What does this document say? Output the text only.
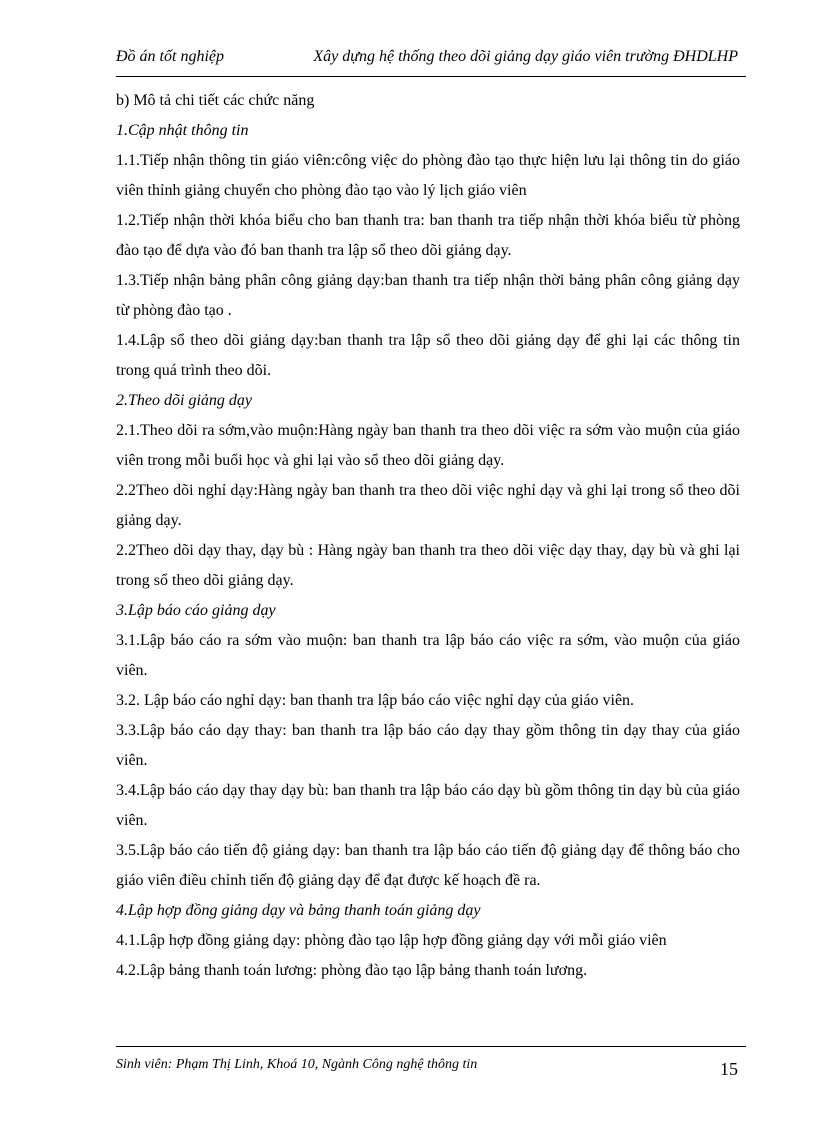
Đồ án tốt nghiệp	Xây dựng hệ thống theo dõi giảng dạy giáo viên trường ĐHDLHP

b) Mô tả chi tiết các chức năng

1.Cập nhật thông tin

1.1.Tiếp nhận thông tin giáo viên:công việc do phòng đào tạo thực hiện lưu lại thông tin do giáo viên thỉnh giảng chuyển cho phòng đào tạo vào lý lịch giáo viên

1.2.Tiếp nhận thời khóa biểu cho ban thanh tra: ban thanh tra tiếp nhận thời khóa biểu từ phòng đào tạo để dựa vào đó ban thanh tra lập sổ theo dõi giảng dạy.

1.3.Tiếp nhận bảng phân công giảng dạy:ban thanh tra tiếp nhận thời bảng phân công giảng dạy từ phòng đào tạo .

1.4.Lập sổ theo dõi giảng dạy:ban thanh tra lập sổ theo dõi giảng dạy để ghi lại các thông tin trong quá trình theo dõi.

2.Theo dõi giảng dạy

2.1.Theo dõi ra sớm,vào muộn:Hàng ngày ban thanh tra theo dõi việc ra sớm vào muộn của giáo viên trong mỗi buổi học và ghi lại vào sổ theo dõi giảng dạy.

2.2Theo dõi nghỉ dạy:Hàng ngày ban thanh tra theo dõi việc nghỉ dạy và ghi lại trong sổ theo dõi giảng dạy.

2.2Theo dõi dạy thay, dạy bù : Hàng ngày ban thanh tra theo dõi việc dạy thay, dạy bù và ghi lại trong sổ theo dõi giảng dạy.

3.Lập báo cáo giảng dạy

3.1.Lập báo cáo ra sớm vào muộn: ban thanh tra lập báo cáo việc ra sớm, vào muộn của giáo viên.

3.2. Lập báo cáo nghỉ dạy: ban thanh tra lập báo cáo việc nghỉ dạy của giáo viên.

3.3.Lập báo cáo dạy thay: ban thanh tra lập báo cáo dạy thay gồm thông tin dạy thay của giáo viên.

3.4.Lập báo cáo dạy thay dạy bù: ban thanh tra lập báo cáo dạy bù gồm thông tin dạy bù của giáo viên.

3.5.Lập báo cáo tiến độ giảng dạy: ban thanh tra lập báo cáo tiến độ giảng dạy để thông báo cho giáo viên điều chỉnh tiến độ giảng dạy để đạt được kế hoạch đề ra.

4.Lập hợp đồng giảng dạy và bảng thanh toán giảng dạy

4.1.Lập hợp đồng giảng dạy: phòng đào tạo lập hợp đồng giảng dạy với mỗi giáo viên

4.2.Lập bảng thanh toán lương: phòng đào tạo lập bảng thanh toán lương.

Sinh viên: Phạm Thị Linh, Khoá 10, Ngành Công nghệ thông tin	15
